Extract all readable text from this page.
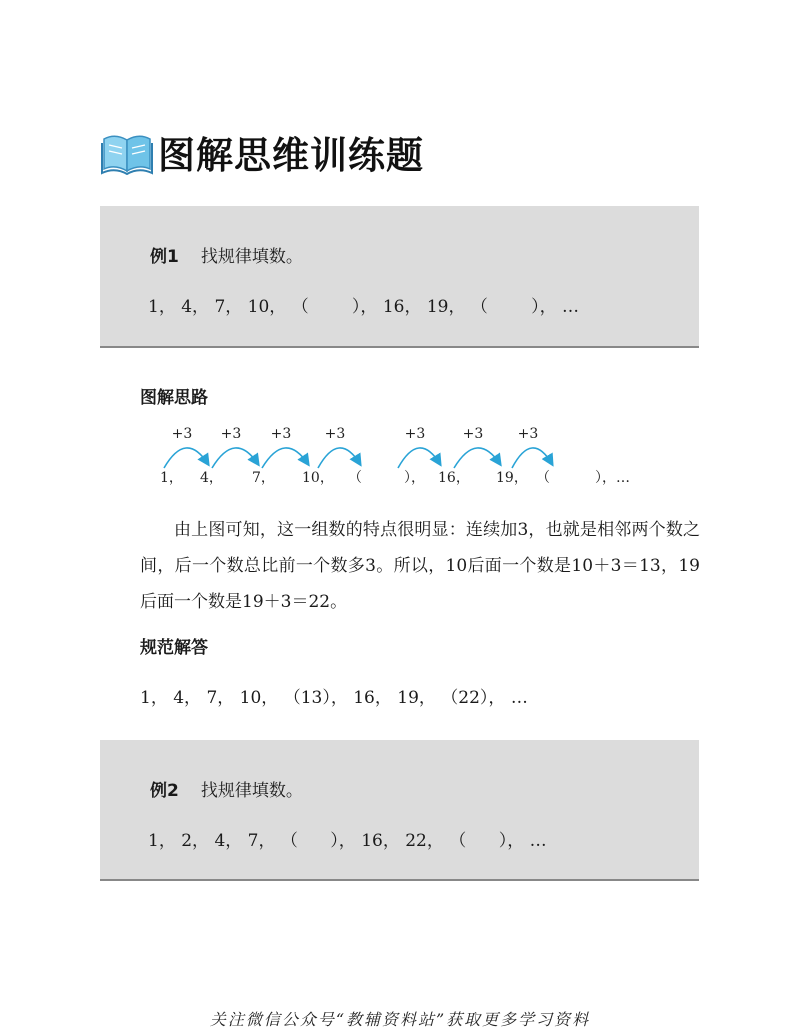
图解思维训练题
例1 找规律填数。
1， 4， 7， 10， （        ）， 16， 19， （        ）， …
图解思路
+3 +3 +3 +3	+3	+3 +3
1， 4， 7， 10， （	）， 16， 19， （	），…
由上图可知，这一组数的特点很明显：连续加3，也就是相邻两个数之间，后一个数总比前一个数多3。所以，10后面一个数是10＋3＝13，19后面一个数是19＋3＝22。
规范解答
1， 4， 7， 10， （13）， 16， 19， （22）， …
例2 找规律填数。
1， 2， 4， 7， （      ）， 16， 22， （      ）， …
关注微信公众号“教辅资料站”获取更多学习资料
